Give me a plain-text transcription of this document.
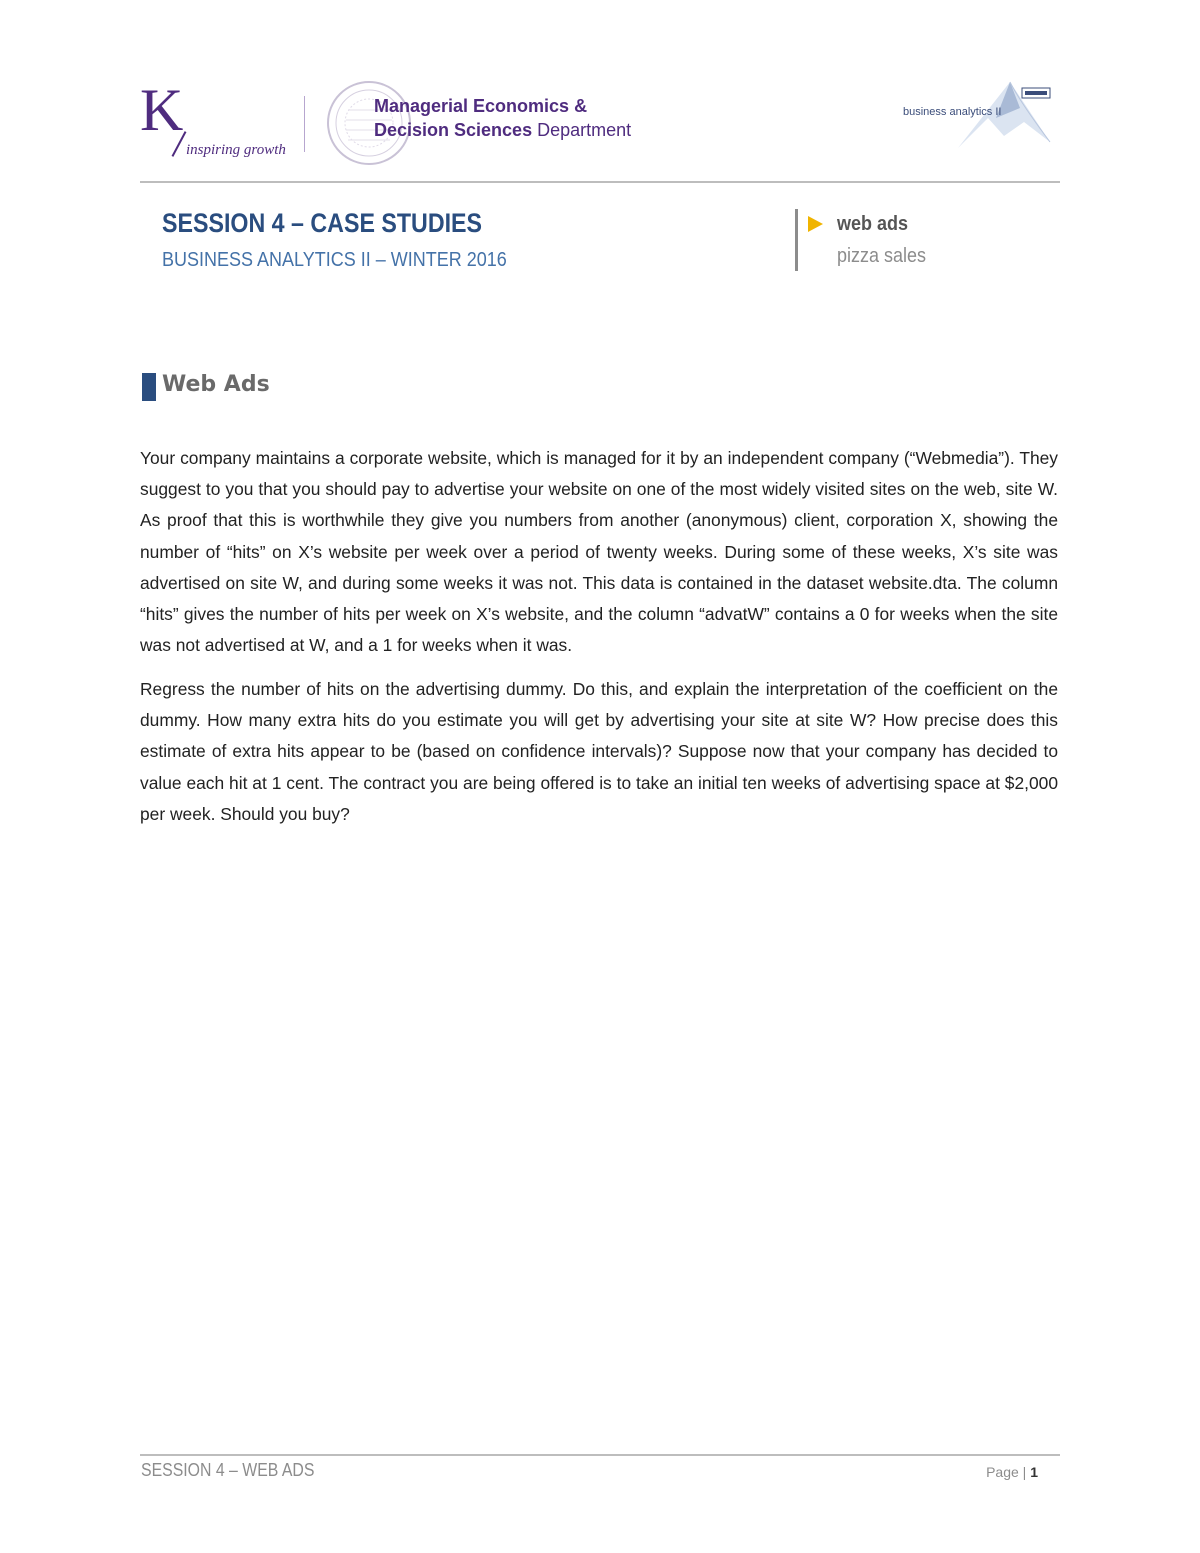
K
inspiring growth
Managerial Economics &
Decision Sciences Department
business analytics II
SESSION 4 – CASE STUDIES
BUSINESS ANALYTICS II – WINTER 2016
web ads
pizza sales
Web Ads

Your company maintains a corporate website, which is managed for it by an independent company (“Webmedia”). They suggest to you that you should pay to advertise your website on one of the most widely visited sites on the web, site W. As proof that this is worthwhile they give you numbers from another (anonymous) client, corporation X, showing the number of “hits” on X’s website per week over a period of twenty weeks. During some of these weeks, X’s site was advertised on site W, and during some weeks it was not. This data is contained in the dataset website.dta. The column “hits” gives the number of hits per week on X’s website, and the column “advatW” contains a 0 for weeks when the site was not advertised at W, and a 1 for weeks when it was.

Regress the number of hits on the advertising dummy. Do this, and explain the interpretation of the coefficient on the dummy. How many extra hits do you estimate you will get by advertising your site at site W? How precise does this estimate of extra hits appear to be (based on confidence intervals)? Suppose now that your company has decided to value each hit at 1 cent. The contract you are being offered is to take an initial ten weeks of advertising space at $2,000 per week. Should you buy?

SESSION 4 – WEB ADS	Page | 1
